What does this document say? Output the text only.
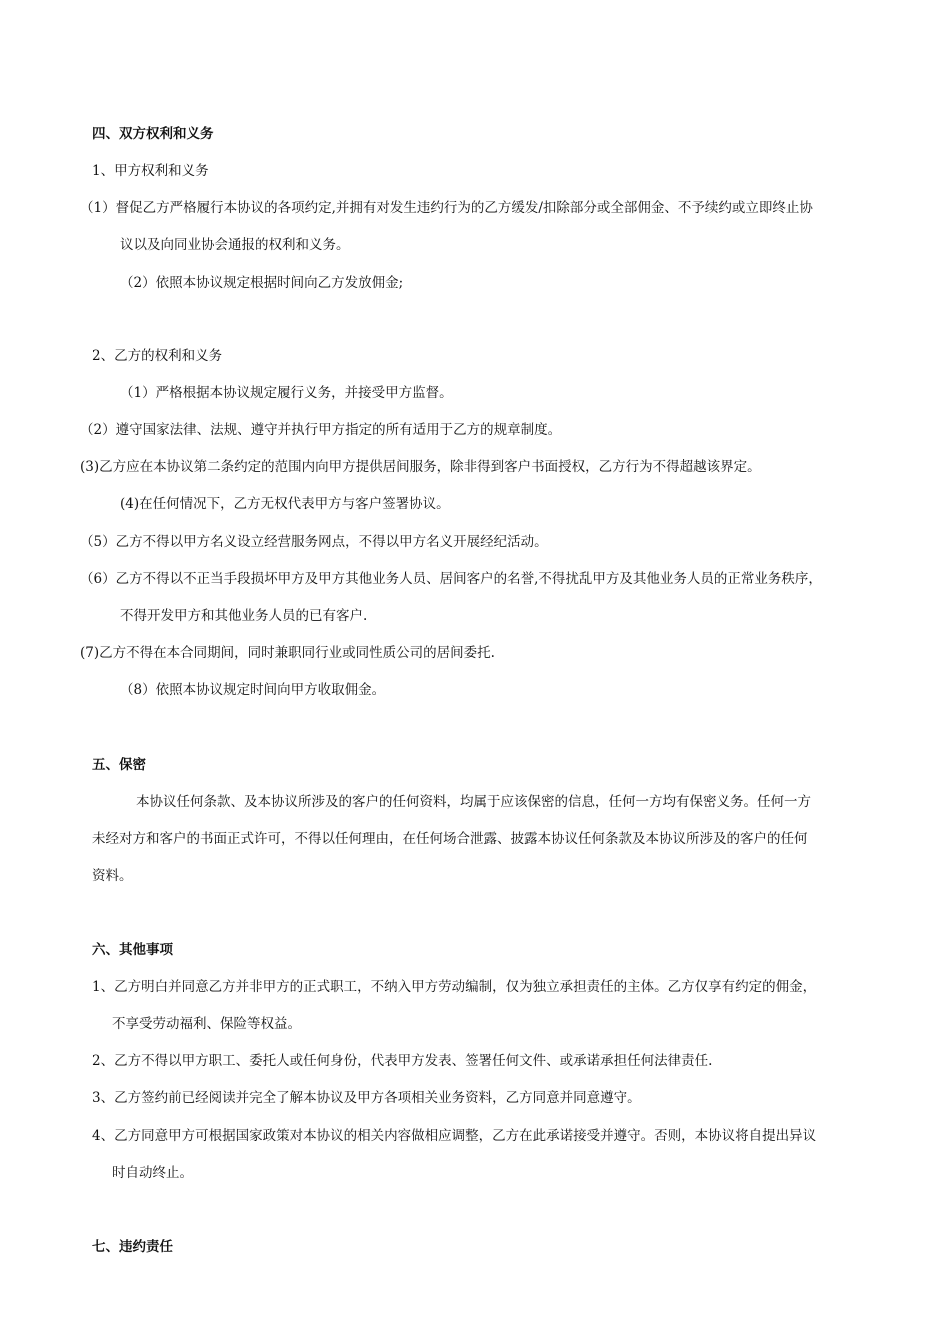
四、双方权利和义务
1、甲方权利和义务
（1）督促乙方严格履行本协议的各项约定,并拥有对发生违约行为的乙方缓发/扣除部分或全部佣金、不予续约或立即终止协
议以及向同业协会通报的权利和义务。
（2）依照本协议规定根据时间向乙方发放佣金;
2、乙方的权利和义务
（1）严格根据本协议规定履行义务，并接受甲方监督。
（2）遵守国家法律、法规、遵守并执行甲方指定的所有适用于乙方的规章制度。
(3)乙方应在本协议第二条约定的范围内向甲方提供居间服务，除非得到客户书面授权，乙方行为不得超越该界定。
(4)在任何情况下，乙方无权代表甲方与客户签署协议。
（5）乙方不得以甲方名义设立经营服务网点，不得以甲方名义开展经纪活动。
（6）乙方不得以不正当手段损坏甲方及甲方其他业务人员、居间客户的名誉,不得扰乱甲方及其他业务人员的正常业务秩序，
不得开发甲方和其他业务人员的已有客户.
(7)乙方不得在本合同期间，同时兼职同行业或同性质公司的居间委托.
（8）依照本协议规定时间向甲方收取佣金。
五、保密
本协议任何条款、及本协议所涉及的客户的任何资料，均属于应该保密的信息，任何一方均有保密义务。任何一方
未经对方和客户的书面正式许可，不得以任何理由，在任何场合泄露、披露本协议任何条款及本协议所涉及的客户的任何
资料。
六、其他事项
1、乙方明白并同意乙方并非甲方的正式职工，不纳入甲方劳动编制，仅为独立承担责任的主体。乙方仅享有约定的佣金，
不享受劳动福利、保险等权益。
2、乙方不得以甲方职工、委托人或任何身份，代表甲方发表、签署任何文件、或承诺承担任何法律责任.
3、乙方签约前已经阅读并完全了解本协议及甲方各项相关业务资料，乙方同意并同意遵守。
4、乙方同意甲方可根据国家政策对本协议的相关内容做相应调整，乙方在此承诺接受并遵守。否则，本协议将自提出异议
时自动终止。
七、违约责任
